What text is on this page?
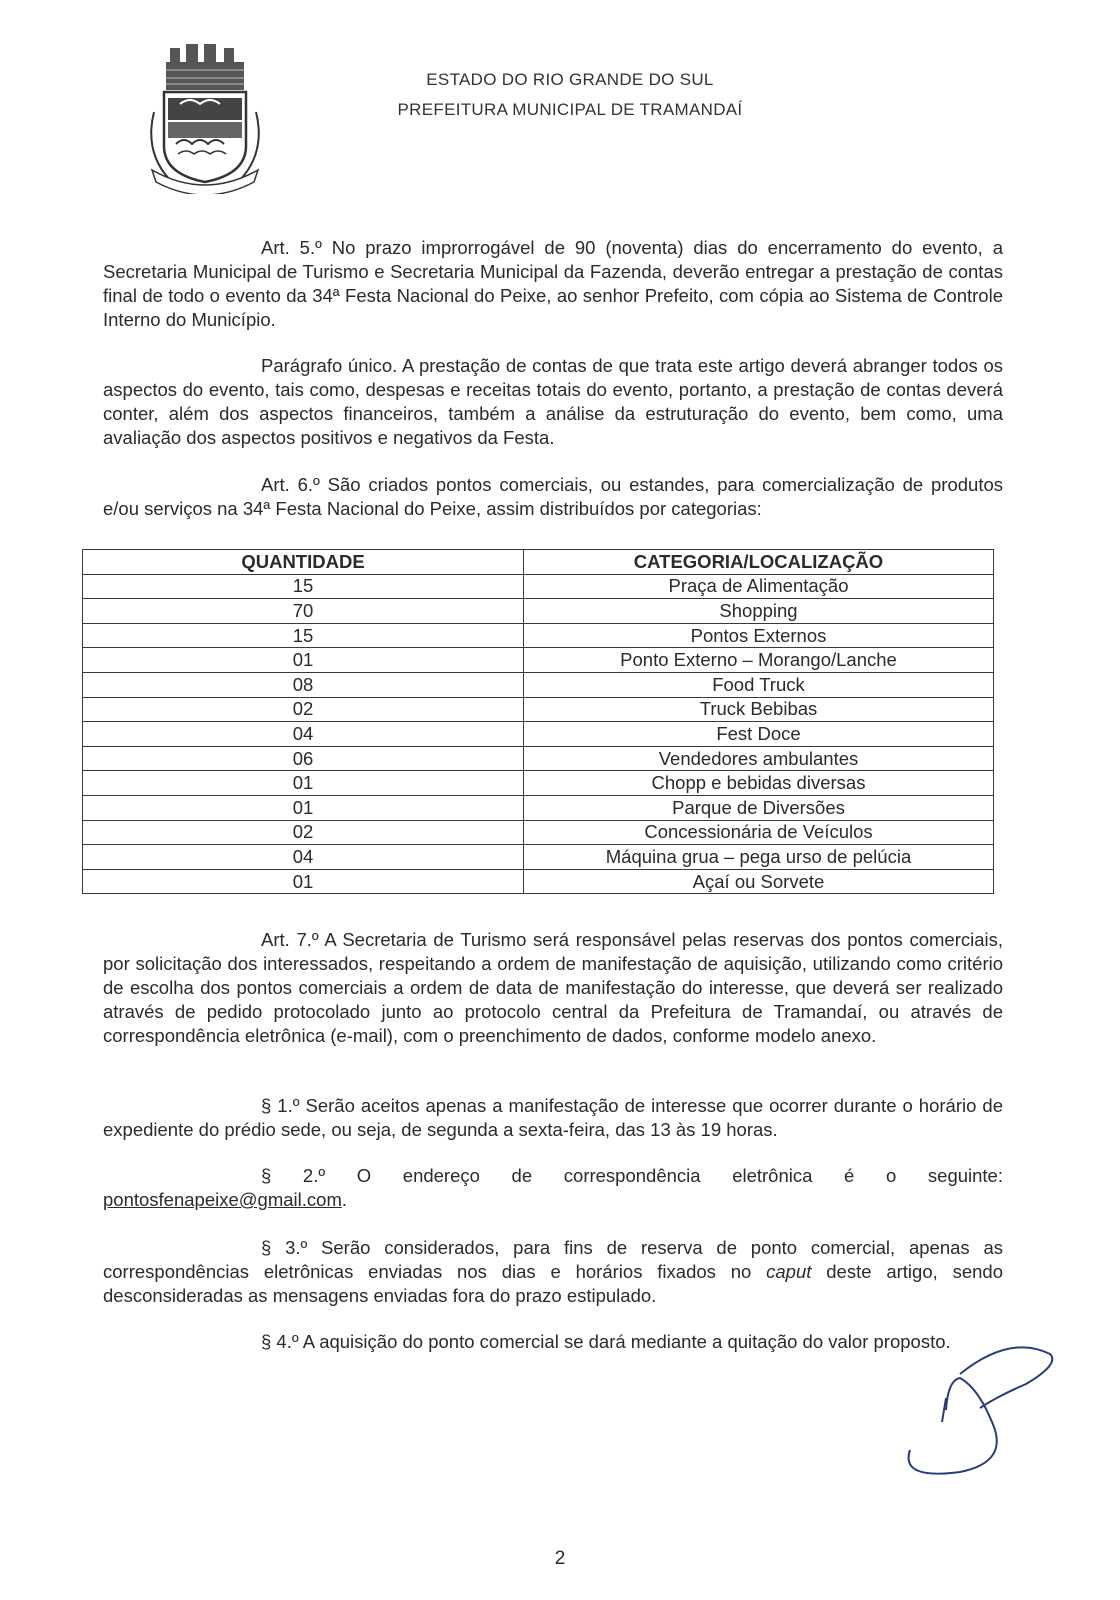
ESTADO DO RIO GRANDE DO SUL
PREFEITURA MUNICIPAL DE TRAMANDAÍ
Art. 5.º No prazo improrrogável de 90 (noventa) dias do encerramento do evento, a Secretaria Municipal de Turismo e Secretaria Municipal da Fazenda, deverão entregar a prestação de contas final de todo o evento da 34ª Festa Nacional do Peixe, ao senhor Prefeito, com cópia ao Sistema de Controle Interno do Município.
Parágrafo único. A prestação de contas de que trata este artigo deverá abranger todos os aspectos do evento, tais como, despesas e receitas totais do evento, portanto, a prestação de contas deverá conter, além dos aspectos financeiros, também a análise da estruturação do evento, bem como, uma avaliação dos aspectos positivos e negativos da Festa.
Art. 6.º São criados pontos comerciais, ou estandes, para comercialização de produtos e/ou serviços na 34ª Festa Nacional do Peixe, assim distribuídos por categorias:
QUANTIDADE	CATEGORIA/LOCALIZAÇÃO
15	Praça de Alimentação
70	Shopping
15	Pontos Externos
01	Ponto Externo – Morango/Lanche
08	Food Truck
02	Truck Bebibas
04	Fest Doce
06	Vendedores ambulantes
01	Chopp e bebidas diversas
01	Parque de Diversões
02	Concessionária de Veículos
04	Máquina grua – pega urso de pelúcia
01	Açaí ou Sorvete
Art. 7.º A Secretaria de Turismo será responsável pelas reservas dos pontos comerciais, por solicitação dos interessados, respeitando a ordem de manifestação de aquisição, utilizando como critério de escolha dos pontos comerciais a ordem de data de manifestação do interesse, que deverá ser realizado através de pedido protocolado junto ao protocolo central da Prefeitura de Tramandaí, ou através de correspondência eletrônica (e-mail), com o preenchimento de dados, conforme modelo anexo.
§ 1.º Serão aceitos apenas a manifestação de interesse que ocorrer durante o horário de expediente do prédio sede, ou seja, de segunda a sexta-feira, das 13 às 19 horas.
§ 2.º O endereço de correspondência eletrônica é o seguinte:
pontosfenapeixe@gmail.com.
§ 3.º Serão considerados, para fins de reserva de ponto comercial, apenas as correspondências eletrônicas enviadas nos dias e horários fixados no caput deste artigo, sendo desconsideradas as mensagens enviadas fora do prazo estipulado.
§ 4.º A aquisição do ponto comercial se dará mediante a quitação do valor proposto.
2
